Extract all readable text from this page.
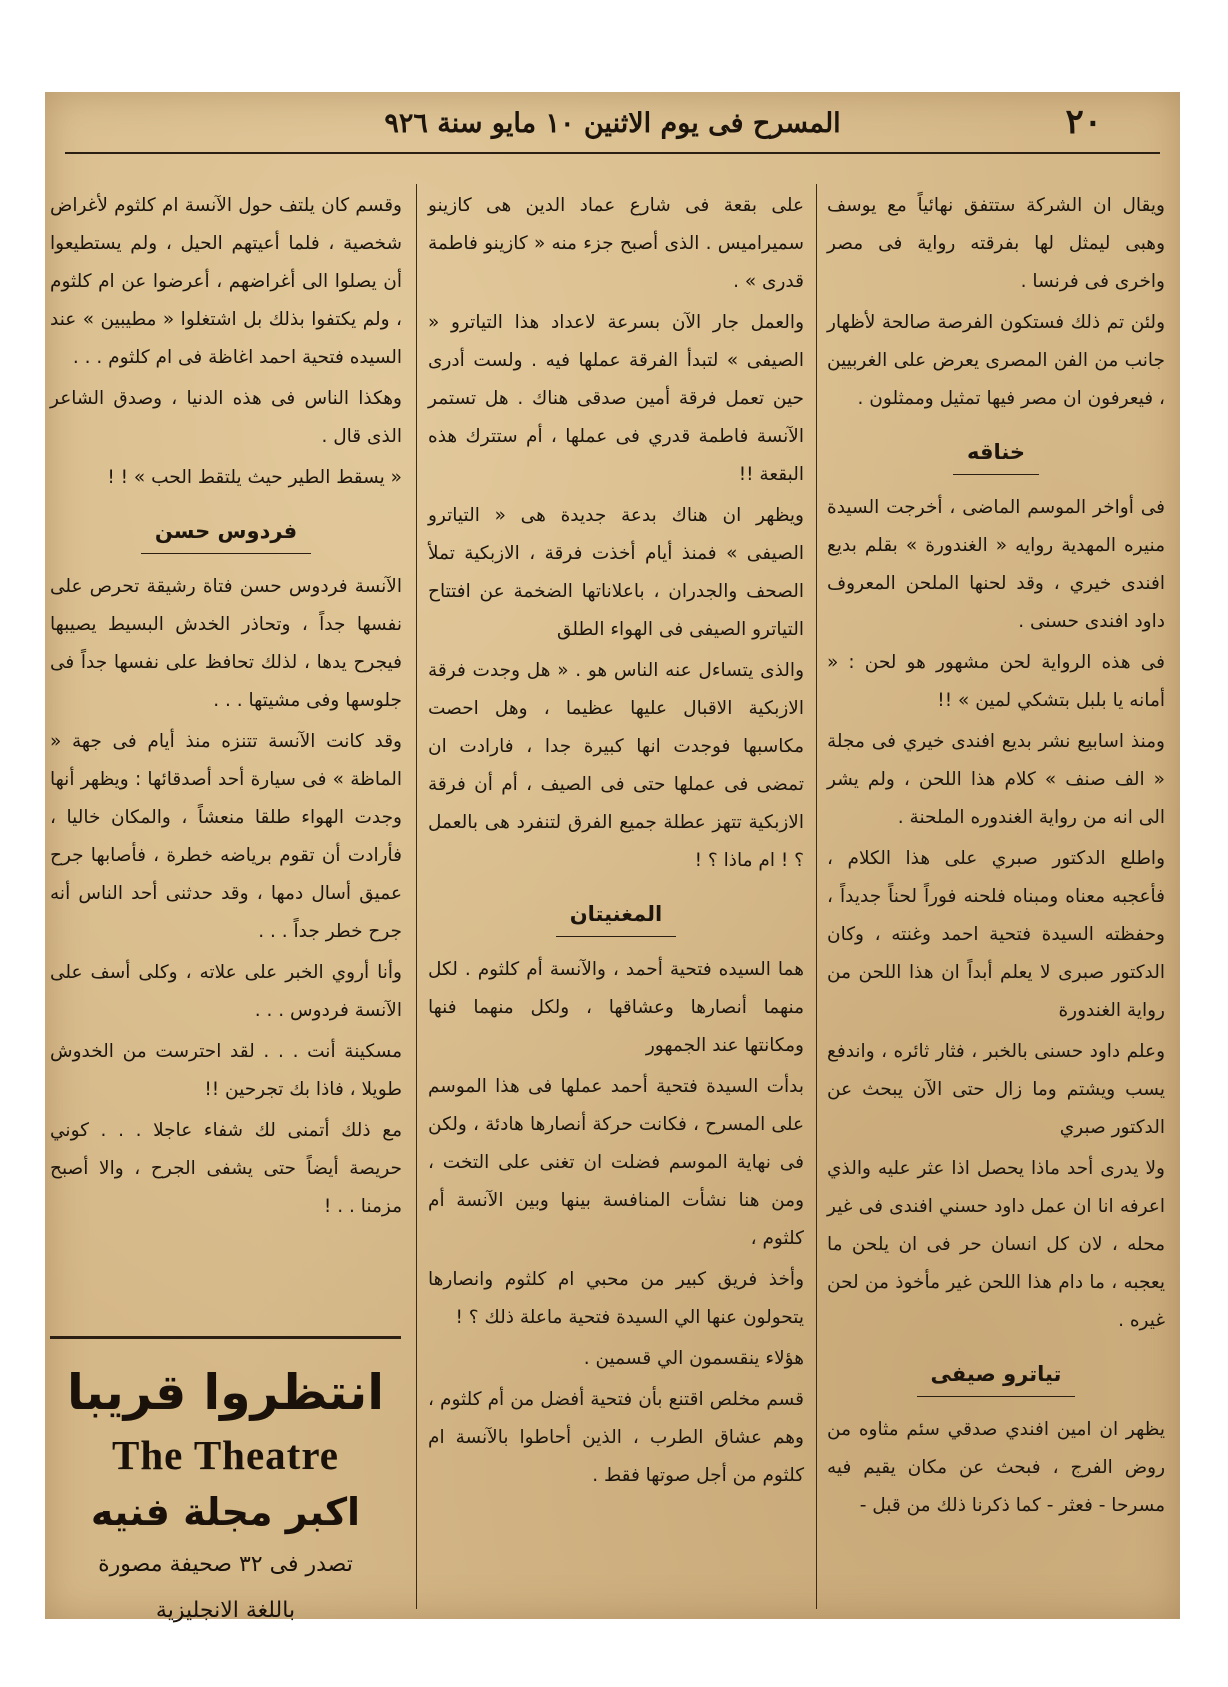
٢٠
المسرح فى يوم الاثنين ١٠ مايو سنة ٩٢٦

ويقال ان الشركة ستتفق نهائياً مع يوسف وهبى ليمثل لها بفرقته رواية فى مصر واخرى فى فرنسا .

ولئن تم ذلك فستكون الفرصة صالحة لأظهار جانب من الفن المصرى يعرض على الغربيين ، فيعرفون ان مصر فيها تمثيل وممثلون .

خناقه

فى أواخر الموسم الماضى ، أخرجت السيدة منيره المهدية روايه « الغندورة » بقلم بديع افندى خيري ، وقد لحنها الملحن المعروف داود افندى حسنى .

فى هذه الرواية لحن مشهور هو لحن : « أمانه يا بلبل بتشكي لمين » !!

ومنذ اسابيع نشر بديع افندى خيري فى مجلة « الف صنف » كلام هذا اللحن ، ولم يشر الى انه من رواية الغندوره الملحنة .

واطلع الدكتور صبري على هذا الكلام ، فأعجبه معناه ومبناه فلحنه فوراً لحناً جديداً ، وحفظته السيدة فتحية احمد وغنته ، وكان الدكتور صبرى لا يعلم أبداً ان هذا اللحن من رواية الغندورة

وعلم داود حسنى بالخبر ، فثار ثائره ، واندفع يسب ويشتم وما زال حتى الآن يبحث عن الدكتور صبري

ولا يدرى أحد ماذا يحصل اذا عثر عليه والذي اعرفه انا ان عمل داود حسني افندى فى غير محله ، لان كل انسان حر فى ان يلحن ما يعجبه ، ما دام هذا اللحن غير مأخوذ من لحن غيره .

تياترو صيفى

يظهر ان امين افندي صدقي سئم مثاوه من روض الفرج ، فبحث عن مكان يقيم فيه مسرحا - فعثر - كما ذكرنا ذلك من قبل -

على بقعة فى شارع عماد الدين هى كازينو سميراميس . الذى أصبح جزء منه « كازينو فاطمة قدرى » .

والعمل جار الآن بسرعة لاعداد هذا التياترو « الصيفى » لتبدأ الفرقة عملها فيه . ولست أدرى حين تعمل فرقة أمين صدقى هناك . هل تستمر الآنسة فاطمة قدري فى عملها ، أم ستترك هذه البقعة !!

ويظهر ان هناك بدعة جديدة هى « التياترو الصيفى » فمنذ أيام أخذت فرقة ، الازبكية تملأ الصحف والجدران ، باعلاناتها الضخمة عن افتتاح التياترو الصيفى فى الهواء الطلق

والذى يتساءل عنه الناس هو . « هل وجدت فرقة الازبكية الاقبال عليها عظيما ، وهل احصت مكاسبها فوجدت انها كبيرة جدا ، فارادت ان تمضى فى عملها حتى فى الصيف ، أم أن فرقة الازبكية تتهز عطلة جميع الفرق لتنفرد هى بالعمل ؟ ! ام ماذا ؟ !

المغنيتان

هما السيده فتحية أحمد ، والآنسة أم كلثوم . لكل منهما أنصارها وعشاقها ، ولكل منهما فنها ومكانتها عند الجمهور

بدأت السيدة فتحية أحمد عملها فى هذا الموسم على المسرح ، فكانت حركة أنصارها هادئة ، ولكن فى نهاية الموسم فضلت ان تغنى على التخت ، ومن هنا نشأت المنافسة بينها وبين الآنسة أم كلثوم ،

وأخذ فريق كبير من محبي ام كلثوم وانصارها يتحولون عنها الي السيدة فتحية ماعلة ذلك ؟ !

هؤلاء ينقسمون الي قسمين .

قسم مخلص اقتنع بأن فتحية أفضل من أم كلثوم ، وهم عشاق الطرب ، الذين أحاطوا بالآنسة ام كلثوم من أجل صوتها فقط .

وقسم كان يلتف حول الآنسة ام كلثوم لأغراض شخصية ، فلما أعيتهم الحيل ، ولم يستطيعوا أن يصلوا الى أغراضهم ، أعرضوا عن ام كلثوم ، ولم يكتفوا بذلك بل اشتغلوا « مطيبين » عند السيده فتحية احمد اغاظة فى ام كلثوم . . .

وهكذا الناس فى هذه الدنيا ، وصدق الشاعر الذى قال .

« يسقط الطير حيث يلتقط الحب » ! !

فردوس حسن

الآنسة فردوس حسن فتاة رشيقة تحرص على نفسها جداً ، وتحاذر الخدش البسيط يصيبها فيجرح يدها ، لذلك تحافظ على نفسها جداً فى جلوسها وفى مشيتها . . .

وقد كانت الآنسة تتنزه منذ أيام فى جهة « الماظة » فى سيارة أحد أصدقائها : ويظهر أنها وجدت الهواء طلقا منعشاً ، والمكان خاليا ، فأرادت أن تقوم برياضه خطرة ، فأصابها جرح عميق أسال دمها ، وقد حدثنى أحد الناس أنه جرح خطر جداً . . .

وأنا أروي الخبر على علاته ، وكلى أسف على الآنسة فردوس . . .

مسكينة أنت . . . لقد احترست من الخدوش طويلا ، فاذا بك تجرحين !!

مع ذلك أتمنى لك شفاء عاجلا . . . كوني حريصة أيضاً حتى يشفى الجرح ، والا أصبح مزمنا . . !

انتظروا قريبا
The Theatre
اكبر مجلة فنيه
تصدر فى ٣٢ صحيفة مصورة
باللغة الانجليزية
